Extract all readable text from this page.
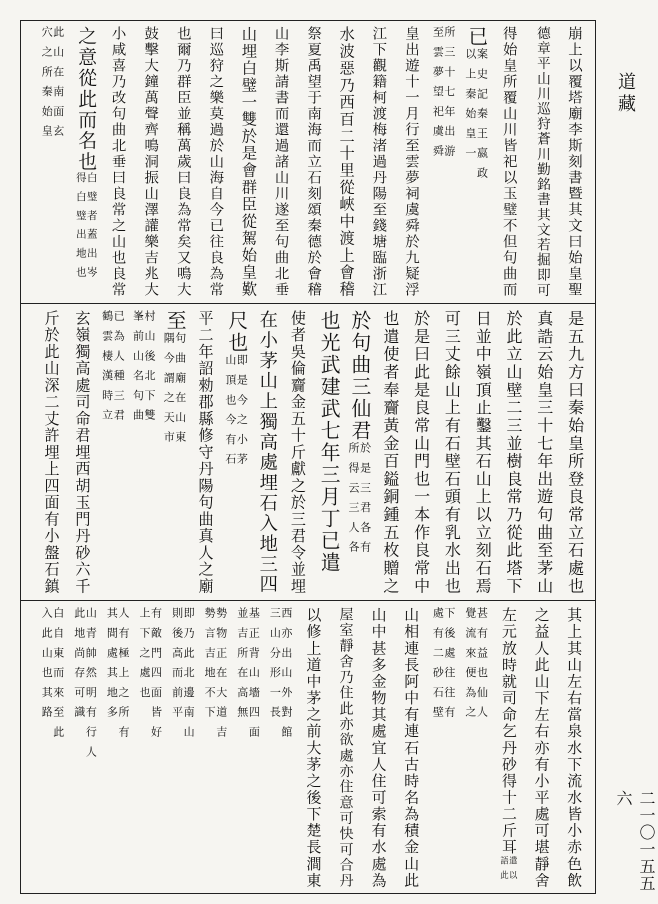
道藏
二一〇一五五六
崩上以覆塔廟李斯刻書暨其文曰始皇聖
德章平山川巡狩蒼川勤銘書其文若掘即可
得始皇所覆山川皆祀以玉璧不但句曲而
已
案史記秦王嬴政
以上秦始皇一
所三十七年出游
至雲夢望祀虞舜
皇出遊十一月行至雲夢祠虞舜於九疑浮
江下觀籍柯渡梅渚過丹陽至錢塘臨浙江
水波惡乃西百二十里從峽中渡上會稽
祭夏禹望于南海而立石刻頌秦德於會稽
山李斯請書而還過諸山川遂至句曲北垂
山埋白璧一雙於是會群臣從駕始皇歎
曰巡狩之樂莫過於山海自今已往良為常
也爾乃群臣並稱萬歲曰良為常矣又鳴大
鼓擊大鐘萬聲齊鳴洞振山澤讙樂吉兆大
小咸喜乃改句曲北垂曰良常之山也良常
之意從此而名也
白璧者蓋出岑
得白璧出地也
此山在南面玄
穴之所秦始皇
是五九方曰秦始皇所登良常立石處也
真誥云始皇三十七年出遊句曲至茅山
於此立山壁二三並樹良常乃從此塔下
日並中嶺頂止鑿其石山上以立刻石焉
可三丈餘山上有石壁石頭有乳水出也
於是曰此是良常山門也一本作良常中
也遣使者奉齎黃金百鎰銅鍾五枚贈之
於句曲三仙君
於是三君各有
所得云三人各
也光武建武七年三月丁已遣
使者吳倫齎金五十斤獻之於三君令並埋
在小茅山上獨高處埋石入地三四
尺也
即是今之小茅
山頂也今有石
平二年詔勑郡縣修守丹陽句曲真人之廟
至
句曲廟在山東
隅今謂之天市
村山後北下雙
峯前山名句曲
已為人種三君
鶴雲棲漢時立
玄嶺獨高處司命君埋西胡玉門丹砂六千
斤於此山深二丈許埋上四面有小盤石鎮
其上其山左右當泉水下流水皆小赤色飲
之益人此山下左右亦有小平處可堪靜舍
左元放時就司命乞丹砂得十二斤耳
遣以
語此
甚有益也仙人
覺流來便為之
下後處往往有
處有二砂石壁
山相連長阿中有連石古時名為積金山此
山中甚多金物其處宜人住可索有水處為
屋室靜舍乃住此亦欲處亦住意可快可合丹
以修上道中茅之前大茅之後下楚長澗東
西亦出山外對館
三山分形一長
基正背山墻四面
並吉所在高無
勢物正在大道吉
勢言吉地不下
即乃此北邊南山
則後高而前平
有敵門四面皆好
上下之處也
人有極上之所有
其間處其地多
山青帥然明有行人
此地尚存可識
白自東而來至此
入此山也其路
